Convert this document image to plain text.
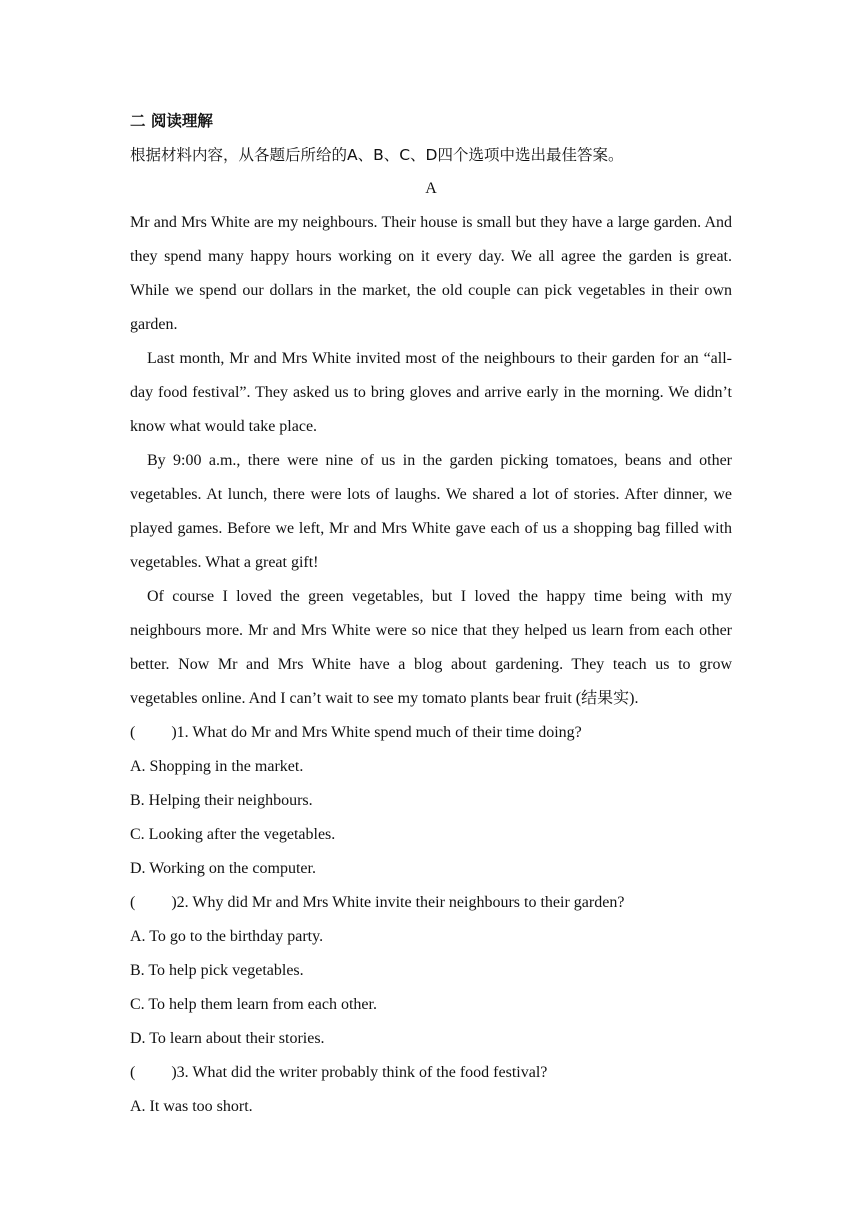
二 阅读理解
根据材料内容，从各题后所给的A、B、C、D四个选项中选出最佳答案。
A

Mr and Mrs White are my neighbours. Their house is small but they have a large garden. And they spend many happy hours working on it every day. We all agree the garden is great. While we spend our dollars in the market, the old couple can pick vegetables in their own garden.

Last month, Mr and Mrs White invited most of the neighbours to their garden for an “all-day food festival”. They asked us to bring gloves and arrive early in the morning. We didn’t know what would take place.

By 9:00 a.m., there were nine of us in the garden picking tomatoes, beans and other vegetables. At lunch, there were lots of laughs. We shared a lot of stories. After dinner, we played games. Before we left, Mr and Mrs White gave each of us a shopping bag filled with vegetables. What a great gift!

Of course I loved the green vegetables, but I loved the happy time being with my neighbours more. Mr and Mrs White were so nice that they helped us learn from each other better. Now Mr and Mrs White have a blog about gardening. They teach us to grow vegetables online. And I can’t wait to see my tomato plants bear fruit (结果实).

( )1. What do Mr and Mrs White spend much of their time doing?
A. Shopping in the market.
B. Helping their neighbours.
C. Looking after the vegetables.
D. Working on the computer.
( )2. Why did Mr and Mrs White invite their neighbours to their garden?
A. To go to the birthday party.
B. To help pick vegetables.
C. To help them learn from each other.
D. To learn about their stories.
( )3. What did the writer probably think of the food festival?
A. It was too short.
